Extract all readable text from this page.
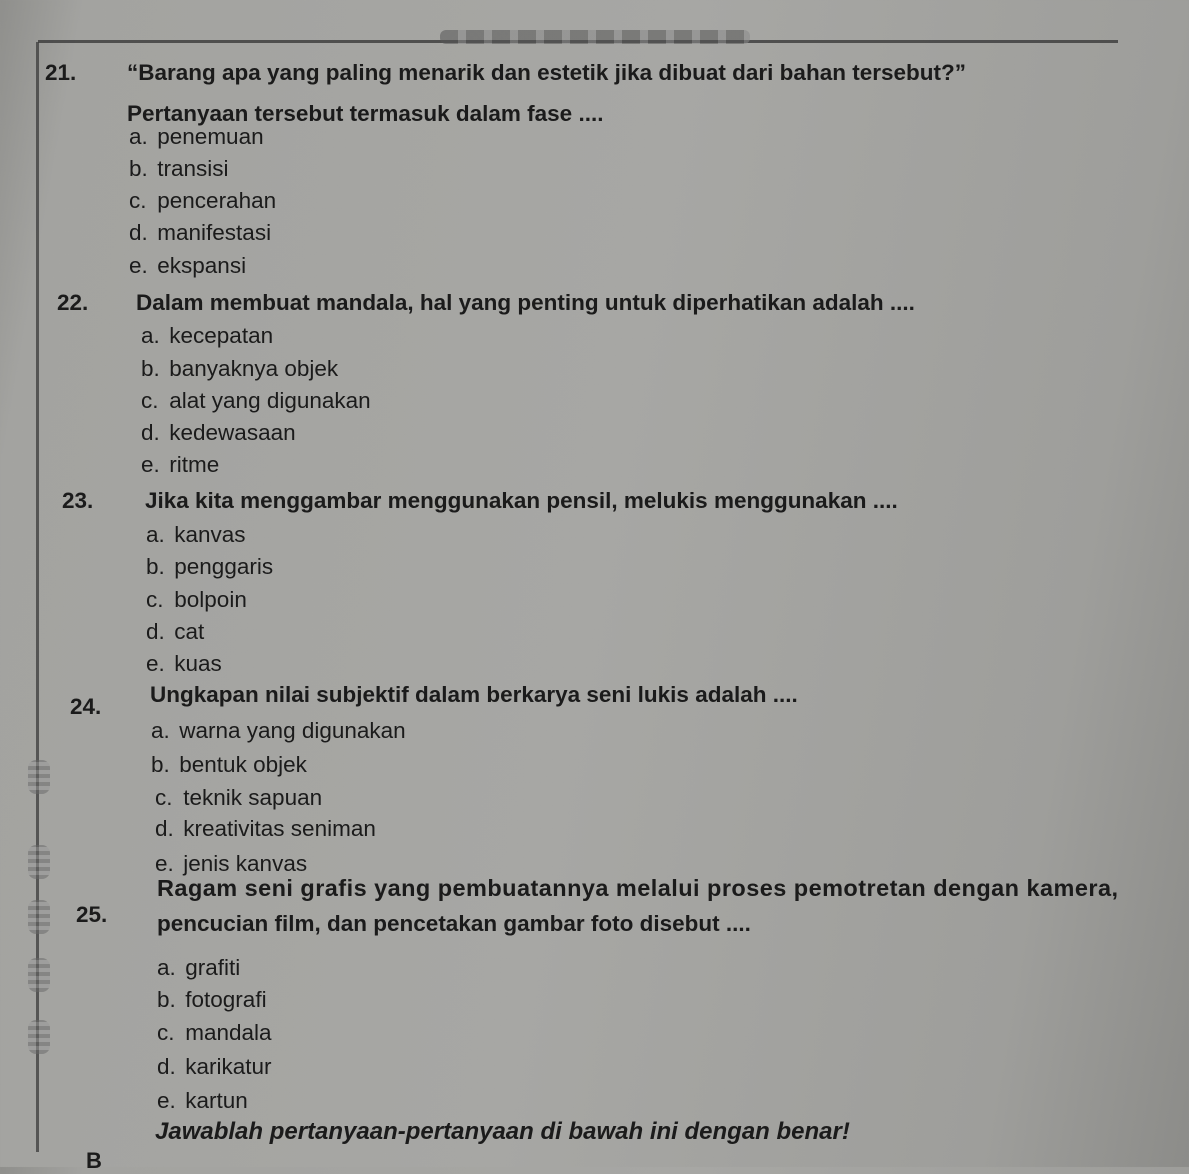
21. “Barang apa yang paling menarik dan estetik jika dibuat dari bahan tersebut?”
Pertanyaan tersebut termasuk dalam fase ....
a. penemuan
b. transisi
c. pencerahan
d. manifestasi
e. ekspansi
22. Dalam membuat mandala, hal yang penting untuk diperhatikan adalah ....
a. kecepatan
b. banyaknya objek
c. alat yang digunakan
d. kedewasaan
e. ritme
23. Jika kita menggambar menggunakan pensil, melukis menggunakan ....
a. kanvas
b. penggaris
c. bolpoin
d. cat
e. kuas
24. Ungkapan nilai subjektif dalam berkarya seni lukis adalah ....
a. warna yang digunakan
b. bentuk objek
c. teknik sapuan
d. kreativitas seniman
e. jenis kanvas
25.
Ragam seni grafis yang pembuatannya melalui proses pemotretan dengan kamera,
pencucian film, dan pencetakan gambar foto disebut ....
a. grafiti
b. fotografi
c. mandala
d. karikatur
e. kartun
Jawablah pertanyaan-pertanyaan di bawah ini dengan benar!
B
